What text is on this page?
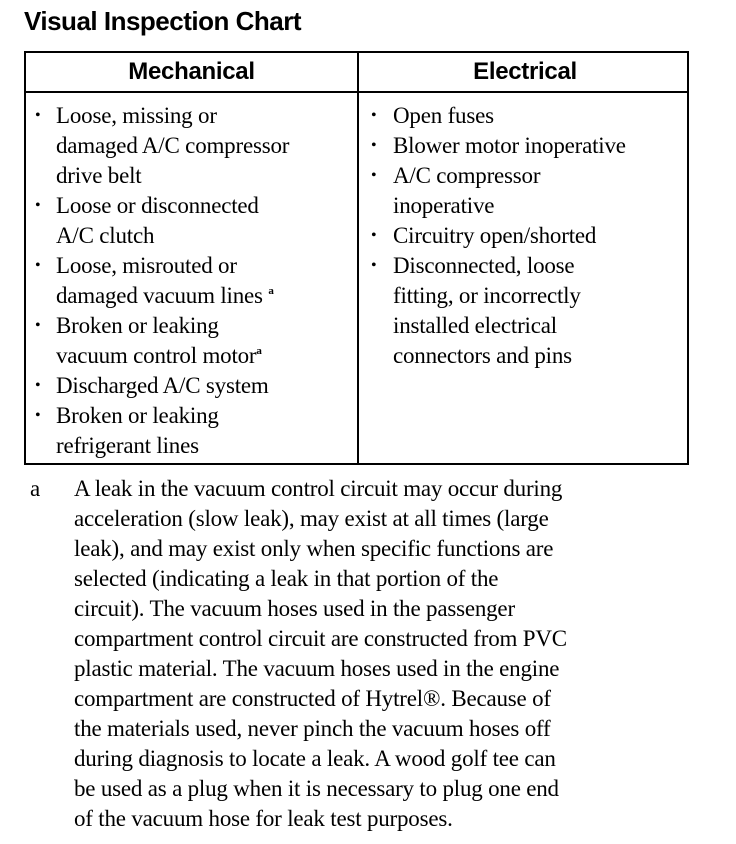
Visual Inspection Chart
Mechanical
• Loose, missing or
damaged A/C compressor
drive belt
• Loose or disconnected
A/C clutch
• Loose, misrouted or
damaged vacuum lines $^a$
• Broken or leaking
vacuum control motor$^a$
• Discharged A/C system
• Broken or leaking
refrigerant lines
Electrical
• Open fuses
• Blower motor inoperative
• A/C compressor
inoperative
• Circuitry open/shorted
• Disconnected, loose
fitting, or incorrectly
installed electrical
connectors and pins
a A leak in the vacuum control circuit may occur during
acceleration (slow leak), may exist at all times (large
leak), and may exist only when specific functions are
selected (indicating a leak in that portion of the
circuit). The vacuum hoses used in the passenger
compartment control circuit are constructed from PVC
plastic material. The vacuum hoses used in the engine
compartment are constructed of Hytrel®. Because of
the materials used, never pinch the vacuum hoses off
during diagnosis to locate a leak. A wood golf tee can
be used as a plug when it is necessary to plug one end
of the vacuum hose for leak test purposes.
